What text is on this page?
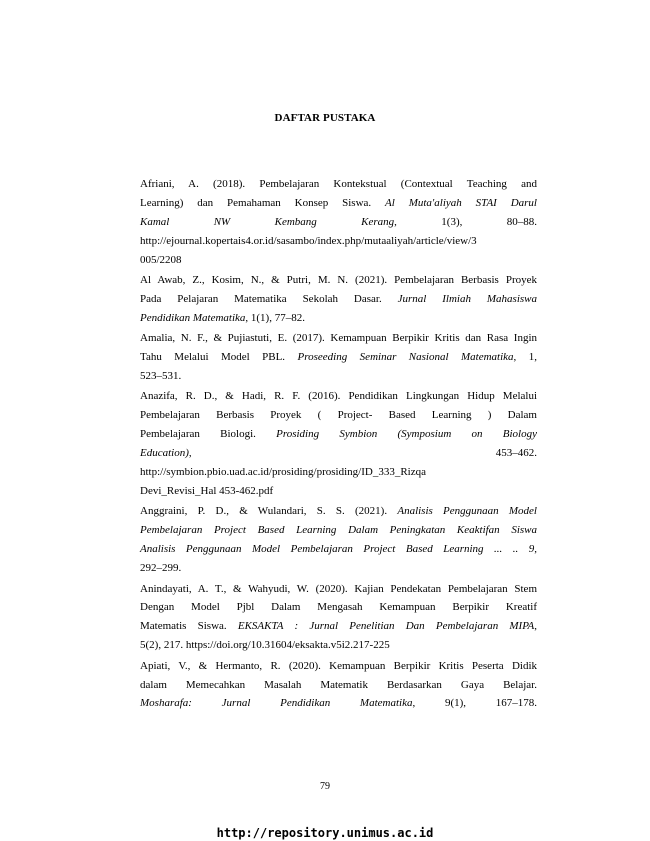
DAFTAR PUSTAKA

Afriani, A. (2018). Pembelajaran Kontekstual (Contextual Teaching and
Learning) dan Pemahaman Konsep Siswa. Al Muta'aliyah STAI Darul
Kamal NW Kembang Kerang, 1(3), 80–88.
http://ejournal.kopertais4.or.id/sasambo/index.php/mutaaliyah/article/view/3
005/2208

Al Awab, Z., Kosim, N., & Putri, M. N. (2021). Pembelajaran Berbasis Proyek
Pada Pelajaran Matematika Sekolah Dasar. Jurnal Ilmiah Mahasiswa
Pendidikan Matematika, 1(1), 77–82.

Amalia, N. F., & Pujiastuti, E. (2017). Kemampuan Berpikir Kritis dan Rasa Ingin
Tahu Melalui Model PBL. Proseeding Seminar Nasional Matematika, 1,
523–531.

Anazifa, R. D., & Hadi, R. F. (2016). Pendidikan Lingkungan Hidup Melalui
Pembelajaran Berbasis Proyek ( Project- Based Learning ) Dalam
Pembelajaran Biologi. Prosiding Symbion (Symposium on Biology
Education), 453–462.
http://symbion.pbio.uad.ac.id/prosiding/prosiding/ID_333_Rizqa
Devi_Revisi_Hal 453-462.pdf

Anggraini, P. D., & Wulandari, S. S. (2021). Analisis Penggunaan Model
Pembelajaran Project Based Learning Dalam Peningkatan Keaktifan Siswa
Analisis Penggunaan Model Pembelajaran Project Based Learning ... .. 9,
292–299.

Anindayati, A. T., & Wahyudi, W. (2020). Kajian Pendekatan Pembelajaran Stem
Dengan Model Pjbl Dalam Mengasah Kemampuan Berpikir Kreatif
Matematis Siswa. EKSAKTA : Jurnal Penelitian Dan Pembelajaran MIPA,
5(2), 217. https://doi.org/10.31604/eksakta.v5i2.217-225

Apiati, V., & Hermanto, R. (2020). Kemampuan Berpikir Kritis Peserta Didik
dalam Memecahkan Masalah Matematik Berdasarkan Gaya Belajar.
Mosharafa: Jurnal Pendidikan Matematika, 9(1), 167–178.

79
http://repository.unimus.ac.id
